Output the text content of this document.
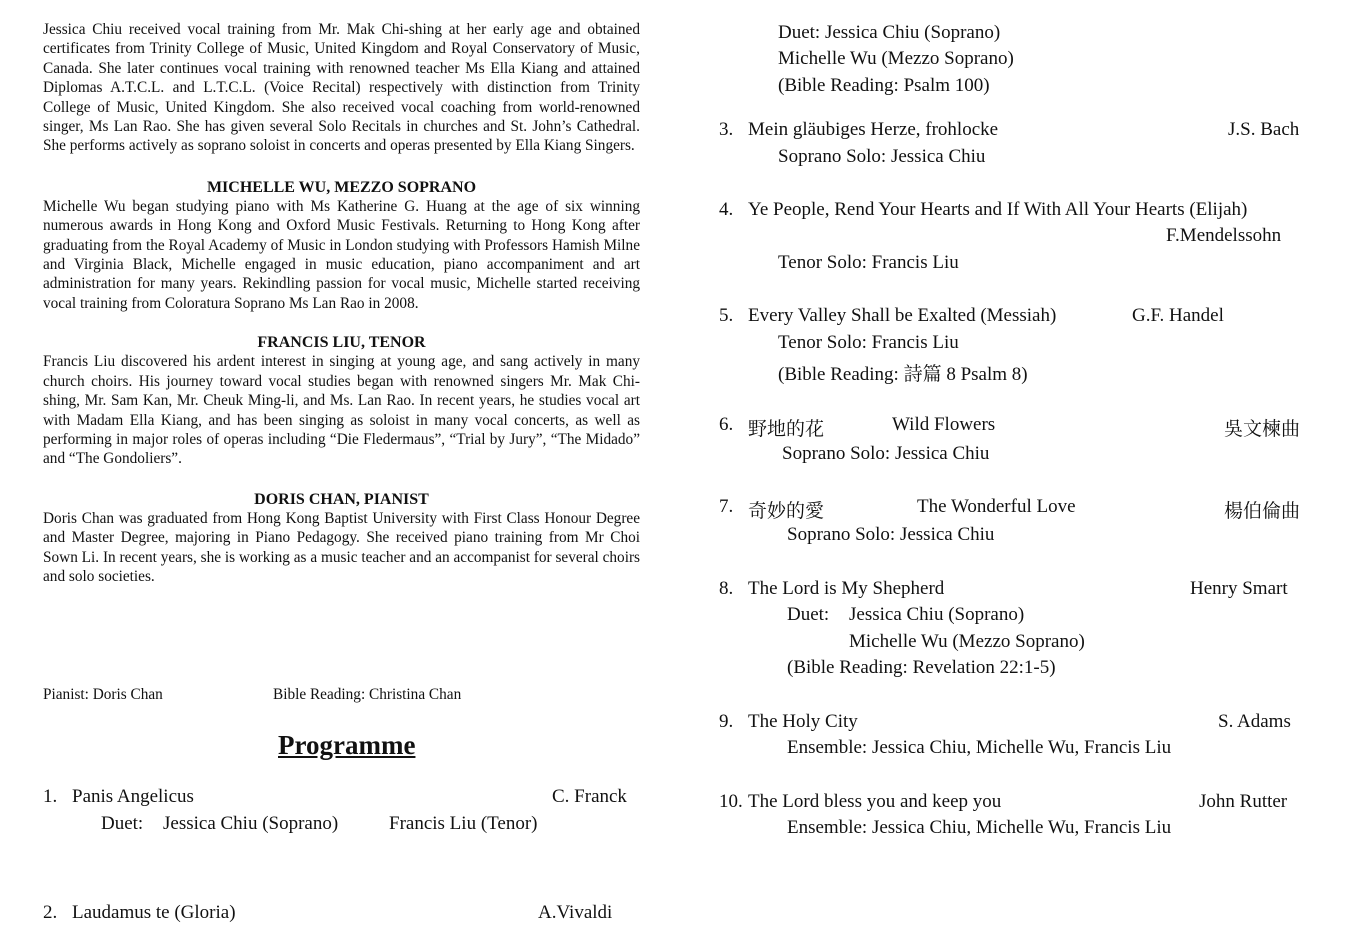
Jessica Chiu received vocal training from Mr. Mak Chi-shing at her early age and obtained certificates from Trinity College of Music, United Kingdom and Royal Conservatory of Music, Canada. She later continues vocal training with renowned teacher Ms Ella Kiang and attained Diplomas A.T.C.L. and L.T.C.L. (Voice Recital) respectively with distinction from Trinity College of Music, United Kingdom. She also received vocal coaching from world-renowned singer, Ms Lan Rao. She has given several Solo Recitals in churches and St. John’s Cathedral. She performs actively as soprano soloist in concerts and operas presented by Ella Kiang Singers.

MICHELLE WU, MEZZO SOPRANO

Michelle Wu began studying piano with Ms Katherine G. Huang at the age of six winning numerous awards in Hong Kong and Oxford Music Festivals. Returning to Hong Kong after graduating from the Royal Academy of Music in London studying with Professors Hamish Milne and Virginia Black, Michelle engaged in music education, piano accompaniment and art administration for many years. Rekindling passion for vocal music, Michelle started receiving vocal training from Coloratura Soprano Ms Lan Rao in 2008.

FRANCIS LIU, TENOR

Francis Liu discovered his ardent interest in singing at young age, and sang actively in many church choirs. His journey toward vocal studies began with renowned singers Mr. Mak Chi-shing, Mr. Sam Kan, Mr. Cheuk Ming-li, and Ms. Lan Rao. In recent years, he studies vocal art with Madam Ella Kiang, and has been singing as soloist in many vocal concerts, as well as performing in major roles of operas including “Die Fledermaus”, “Trial by Jury”, “The Midado” and “The Gondoliers”.

DORIS CHAN, PIANIST

Doris Chan was graduated from Hong Kong Baptist University with First Class Honour Degree and Master Degree, majoring in Piano Pedagogy. She received piano training from Mr Choi Sown Li. In recent years, she is working as a music teacher and an accompanist for several choirs and solo societies.

Pianist: Doris Chan	Bible Reading: Christina Chan
Programme
1. Panis Angelicus	C. Franck
Duet: Jessica Chiu (Soprano)	Francis Liu (Tenor)
2. Laudamus te (Gloria)	A.Vivaldi
Duet: Jessica Chiu (Soprano)
Michelle Wu (Mezzo Soprano)
(Bible Reading: Psalm 100)
3. Mein gläubiges Herze, frohlocke	J.S. Bach
Soprano Solo: Jessica Chiu
4. Ye People, Rend Your Hearts and If With All Your Hearts (Elijah)
F.Mendelssohn
Tenor Solo: Francis Liu
5. Every Valley Shall be Exalted (Messiah)	G.F. Handel
Tenor Solo: Francis Liu
(Bible Reading: 詩篇 8 Psalm 8)
6. 野地的花	Wild Flowers	吳文楝曲
Soprano Solo: Jessica Chiu
7. 奇妙的愛	The Wonderful Love	楊伯倫曲
Soprano Solo: Jessica Chiu
8. The Lord is My Shepherd	Henry Smart
Duet: Jessica Chiu (Soprano)
Michelle Wu (Mezzo Soprano)
(Bible Reading: Revelation 22:1-5)
9. The Holy City	S. Adams
Ensemble: Jessica Chiu, Michelle Wu, Francis Liu
10. The Lord bless you and keep you	John Rutter
Ensemble: Jessica Chiu, Michelle Wu, Francis Liu
